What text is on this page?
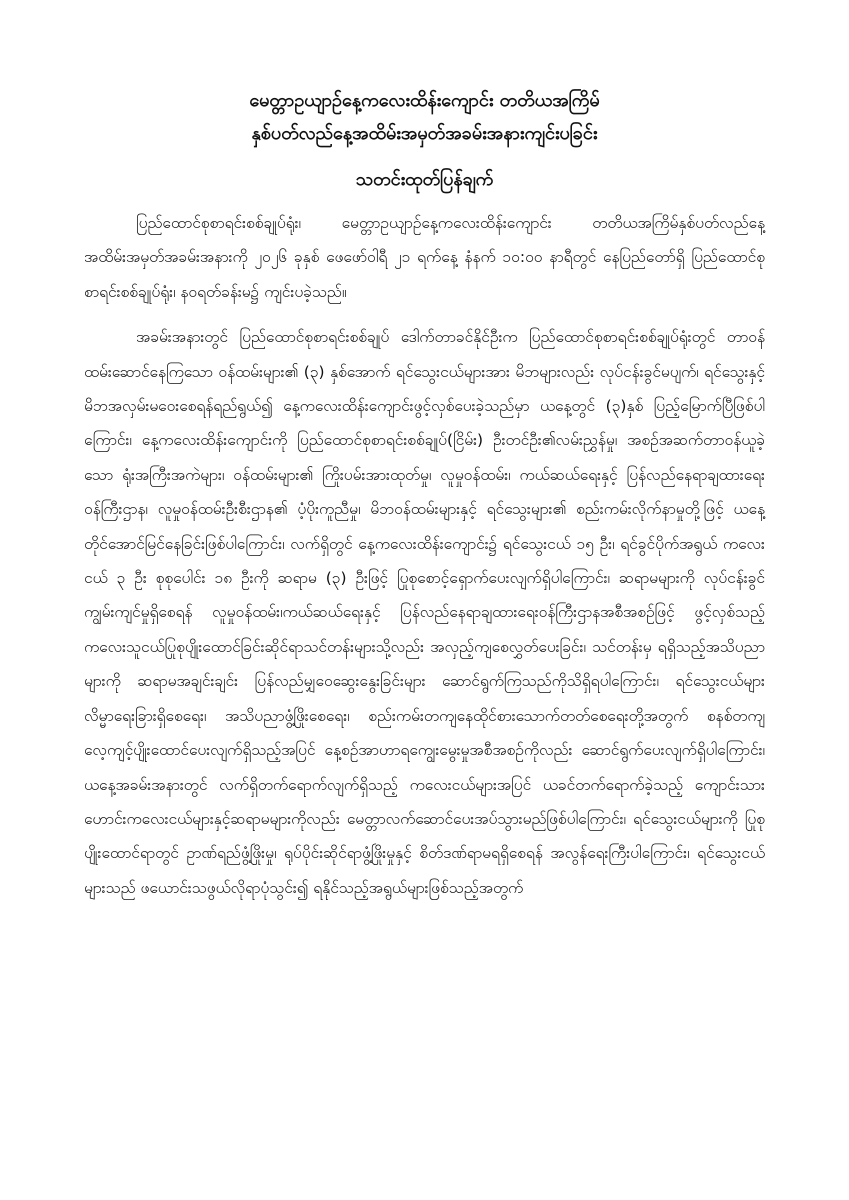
မေတ္တာဥယျာဉ်နေ့ကလေးထိန်းကျောင်း တတိယအကြိမ်
နှစ်ပတ်လည်နေ့အထိမ်းအမှတ်အခမ်းအနားကျင်းပခြင်း
သတင်းထုတ်ပြန်ချက်

ပြည်ထောင်စုစာရင်းစစ်ချုပ်ရုံး၊ မေတ္တာဥယျာဉ်နေ့ကလေးထိန်းကျောင်း တတိယအကြိမ်နှစ်ပတ်လည်နေ့ အထိမ်းအမှတ်အခမ်းအနားကို ၂၀၂၆ ခုနှစ် ဖေဖော်ဝါရီ ၂၁ ရက်နေ့ နံနက် ၁၀:၀၀ နာရီတွင် နေပြည်တော်ရှိ ပြည်ထောင်စုစာရင်းစစ်ချုပ်ရုံး၊ နဝရတ်ခန်းမ၌ ကျင်းပခဲ့သည်။

အခမ်းအနားတွင် ပြည်ထောင်စုစာရင်းစစ်ချုပ် ဒေါက်တာခင်နိုင်ဦးက ပြည်ထောင်စုစာရင်းစစ်ချုပ်ရုံးတွင် တာဝန်ထမ်းဆောင်နေကြသော ဝန်ထမ်းများ၏ (၃) နှစ်အောက် ရင်သွေးငယ်များအား မိဘများလည်း လုပ်ငန်းခွင်မပျက်၊ ရင်သွေးနှင့်မိဘအလှမ်းမဝေးစေရန်ရည်ရွယ်၍ နေ့ကလေးထိန်းကျောင်းဖွင့်လှစ်ပေးခဲ့သည်မှာ ယနေ့တွင် (၃)နှစ် ပြည့်မြောက်ပြီဖြစ်ပါကြောင်း၊ နေ့ကလေးထိန်းကျောင်းကို ပြည်ထောင်စုစာရင်းစစ်ချုပ်(ငြိမ်း) ဦးတင်ဦး၏လမ်းညွှန်မှု၊ အစဉ်အဆက်တာဝန်ယူခဲ့သော ရုံးအကြီးအကဲများ၊ ဝန်ထမ်းများ၏ ကြိုးပမ်းအားထုတ်မှု၊ လူမှုဝန်ထမ်း၊ ကယ်ဆယ်ရေးနှင့် ပြန်လည်နေရာချထားရေးဝန်ကြီးဌာန၊ လူမှုဝန်ထမ်းဦးစီးဌာန၏ ပံ့ပိုးကူညီမှု၊ မိဘဝန်ထမ်းများနှင့် ရင်သွေးများ၏ စည်းကမ်းလိုက်နာမှုတို့ဖြင့် ယနေ့တိုင်အောင်မြင်နေခြင်းဖြစ်ပါကြောင်း၊ လက်ရှိတွင် နေ့ကလေးထိန်းကျောင်း၌ ရင်သွေးငယ် ၁၅ ဦး၊ ရင်ခွင်ပိုက်အရွယ် ကလေးငယ် ၃ ဦး စုစုပေါင်း ၁၈ ဦးကို ဆရာမ (၃) ဦးဖြင့် ပြုစုစောင့်ရှောက်ပေးလျက်ရှိပါကြောင်း၊ ဆရာမများကို လုပ်ငန်းခွင်ကျွမ်းကျင်မှုရှိစေရန် လူမှုဝန်ထမ်း၊ကယ်ဆယ်ရေးနှင့် ပြန်လည်နေရာချထားရေးဝန်ကြီးဌာနအစီအစဉ်ဖြင့် ဖွင့်လှစ်သည့် ကလေးသူငယ်ပြုစုပျိုးထောင်ခြင်းဆိုင်ရာသင်တန်းများသို့လည်း အလှည့်ကျစေလွှတ်ပေးခြင်း၊ သင်တန်းမှ ရရှိသည့်အသိပညာများကို ဆရာမအချင်းချင်း ပြန်လည်မျှဝေဆွေးနွေးခြင်းများ ဆောင်ရွက်ကြသည်ကိုသိရှိရပါကြောင်း၊ ရင်သွေးငယ်များ လိမ္မာရေးခြားရှိစေရေး၊ အသိပညာဖွံ့ဖြိုးစေရေး၊ စည်းကမ်းတကျနေထိုင်စားသောက်တတ်စေရေးတို့အတွက် စနစ်တကျလေ့ကျင့်ပျိုးထောင်ပေးလျက်ရှိသည့်အပြင် နေ့စဉ်အာဟာရကျွေးမွေးမှုအစီအစဉ်ကိုလည်း ဆောင်ရွက်ပေးလျက်ရှိပါကြောင်း၊ ယနေ့အခမ်းအနားတွင် လက်ရှိတက်ရောက်လျက်ရှိသည့် ကလေးငယ်များအပြင် ယခင်တက်ရောက်ခဲ့သည့် ကျောင်းသားဟောင်းကလေးငယ်များနှင့်ဆရာမများကိုလည်း မေတ္တာလက်ဆောင်ပေးအပ်သွားမည်ဖြစ်ပါကြောင်း၊ ရင်သွေးငယ်များကို ပြုစုပျိုးထောင်ရာတွင် ဥာဏ်ရည်ဖွံ့ဖြိုးမှု၊ ရုပ်ပိုင်းဆိုင်ရာဖွံ့ဖြိုးမှုနှင့် စိတ်ဒဏ်ရာမရရှိစေရန် အလွန်ရေးကြီးပါကြောင်း၊ ရင်သွေးငယ်များသည် ဖယောင်းသဖွယ်လိုရာပုံသွင်း၍ ရနိုင်သည့်အရွယ်များဖြစ်သည့်အတွက်
